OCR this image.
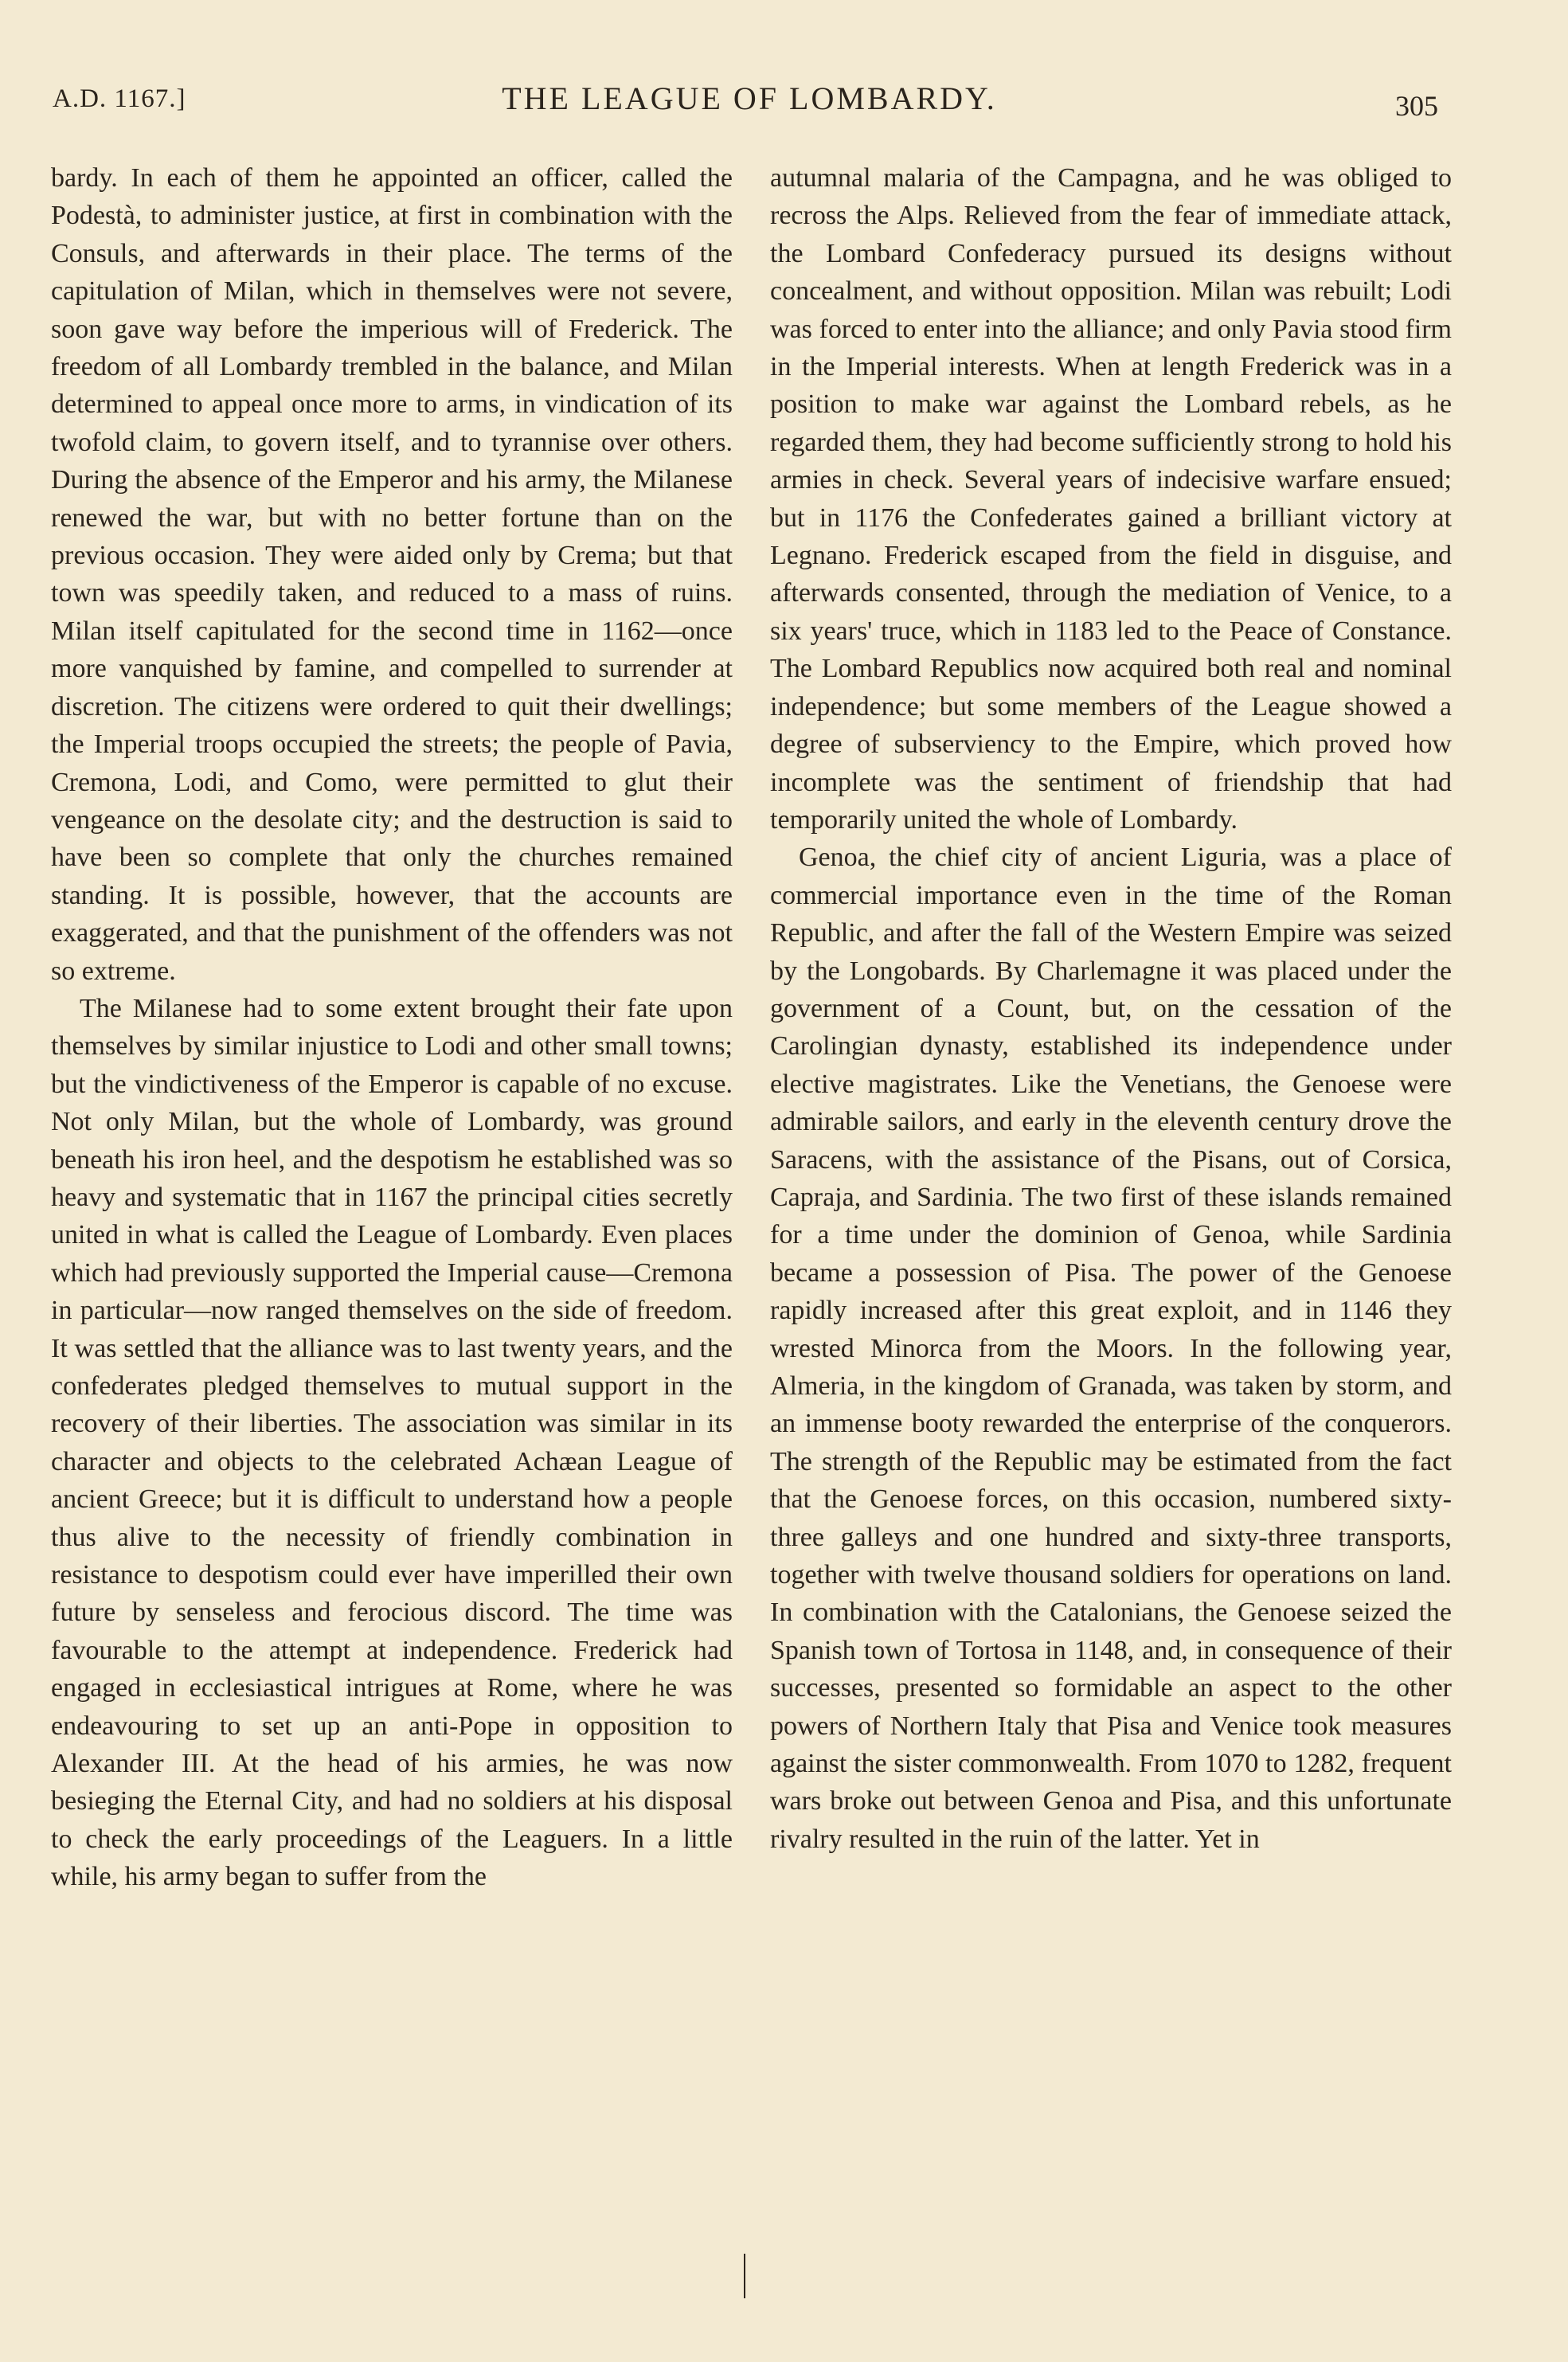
A.D. 1167.]	THE LEAGUE OF LOMBARDY.	305

bardy. In each of them he appointed an officer, called the Podestà, to administer justice, at first in combination with the Consuls, and afterwards in their place. The terms of the capitulation of Milan, which in themselves were not severe, soon gave way before the imperious will of Frederick. The freedom of all Lombardy trembled in the balance, and Milan determined to appeal once more to arms, in vindication of its twofold claim, to govern itself, and to tyrannise over others. During the absence of the Emperor and his army, the Milanese renewed the war, but with no better fortune than on the previous occasion. They were aided only by Crema; but that town was speedily taken, and reduced to a mass of ruins. Milan itself capitulated for the second time in 1162—once more vanquished by famine, and compelled to surrender at discretion. The citizens were ordered to quit their dwellings; the Imperial troops occupied the streets; the people of Pavia, Cremona, Lodi, and Como, were permitted to glut their vengeance on the desolate city; and the destruction is said to have been so complete that only the churches remained standing. It is possible, however, that the accounts are exaggerated, and that the punishment of the offenders was not so extreme.

The Milanese had to some extent brought their fate upon themselves by similar injustice to Lodi and other small towns; but the vindictiveness of the Emperor is capable of no excuse. Not only Milan, but the whole of Lombardy, was ground beneath his iron heel, and the despotism he established was so heavy and systematic that in 1167 the principal cities secretly united in what is called the League of Lombardy. Even places which had previously supported the Imperial cause—Cremona in particular—now ranged themselves on the side of freedom. It was settled that the alliance was to last twenty years, and the confederates pledged themselves to mutual support in the recovery of their liberties. The association was similar in its character and objects to the celebrated Achæan League of ancient Greece; but it is difficult to understand how a people thus alive to the necessity of friendly combination in resistance to despotism could ever have imperilled their own future by senseless and ferocious discord. The time was favourable to the attempt at independence. Frederick had engaged in ecclesiastical intrigues at Rome, where he was endeavouring to set up an anti-Pope in opposition to Alexander III. At the head of his armies, he was now besieging the Eternal City, and had no soldiers at his disposal to check the early proceedings of the Leaguers. In a little while, his army began to suffer from the

autumnal malaria of the Campagna, and he was obliged to recross the Alps. Relieved from the fear of immediate attack, the Lombard Confederacy pursued its designs without concealment, and without opposition. Milan was rebuilt; Lodi was forced to enter into the alliance; and only Pavia stood firm in the Imperial interests. When at length Frederick was in a position to make war against the Lombard rebels, as he regarded them, they had become sufficiently strong to hold his armies in check. Several years of indecisive warfare ensued; but in 1176 the Confederates gained a brilliant victory at Legnano. Frederick escaped from the field in disguise, and afterwards consented, through the mediation of Venice, to a six years' truce, which in 1183 led to the Peace of Constance. The Lombard Republics now acquired both real and nominal independence; but some members of the League showed a degree of subserviency to the Empire, which proved how incomplete was the sentiment of friendship that had temporarily united the whole of Lombardy.

Genoa, the chief city of ancient Liguria, was a place of commercial importance even in the time of the Roman Republic, and after the fall of the Western Empire was seized by the Longobards. By Charlemagne it was placed under the government of a Count, but, on the cessation of the Carolingian dynasty, established its independence under elective magistrates. Like the Venetians, the Genoese were admirable sailors, and early in the eleventh century drove the Saracens, with the assistance of the Pisans, out of Corsica, Capraja, and Sardinia. The two first of these islands remained for a time under the dominion of Genoa, while Sardinia became a possession of Pisa. The power of the Genoese rapidly increased after this great exploit, and in 1146 they wrested Minorca from the Moors. In the following year, Almeria, in the kingdom of Granada, was taken by storm, and an immense booty rewarded the enterprise of the conquerors. The strength of the Republic may be estimated from the fact that the Genoese forces, on this occasion, numbered sixty-three galleys and one hundred and sixty-three transports, together with twelve thousand soldiers for operations on land. In combination with the Catalonians, the Genoese seized the Spanish town of Tortosa in 1148, and, in consequence of their successes, presented so formidable an aspect to the other powers of Northern Italy that Pisa and Venice took measures against the sister commonwealth. From 1070 to 1282, frequent wars broke out between Genoa and Pisa, and this unfortunate rivalry resulted in the ruin of the latter. Yet in
